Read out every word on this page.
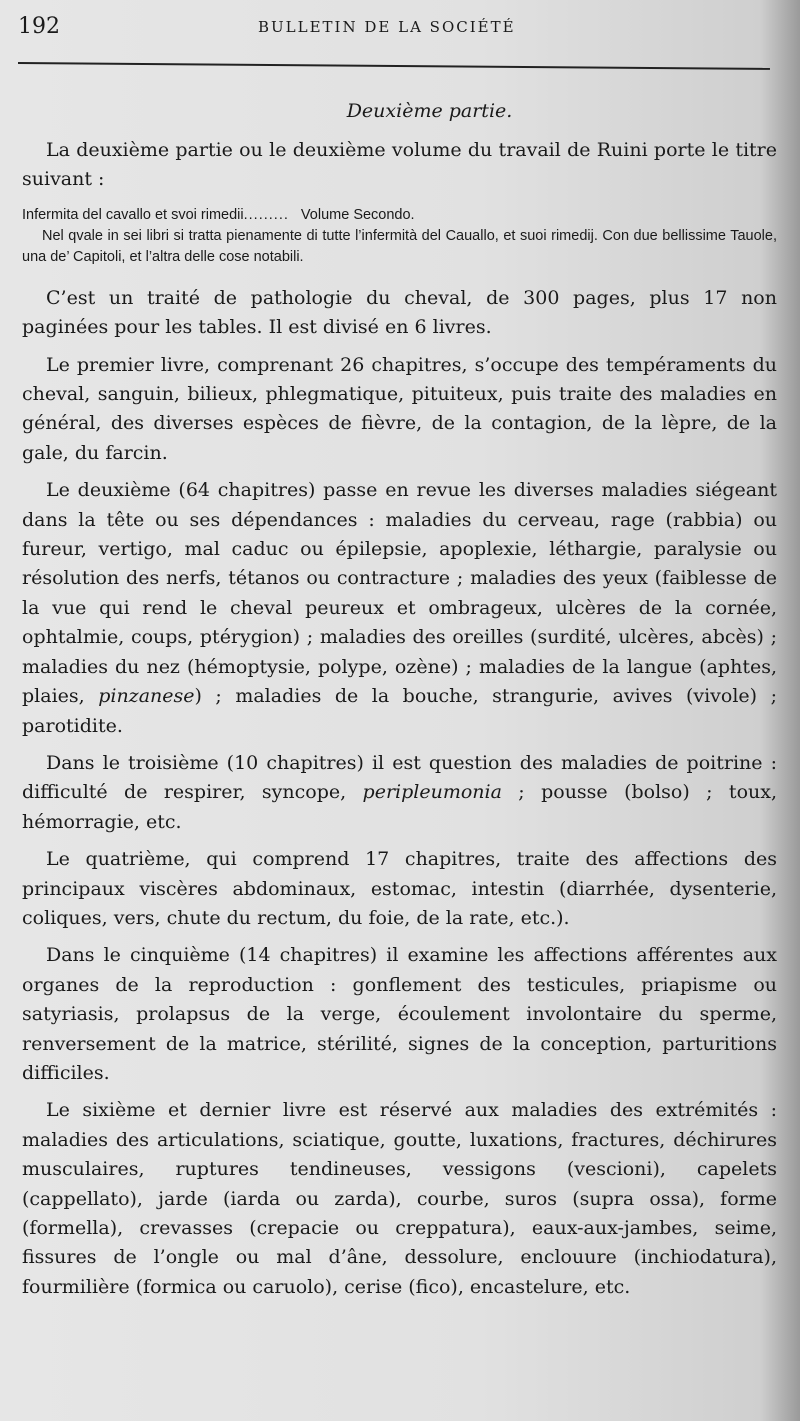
192	BULLETIN DE LA SOCIÉTÉ
Deuxième partie.

La deuxième partie ou le deuxième volume du travail de Ruini porte le titre suivant :

Infermita del cavallo et svoi rimedii......... Volume Secondo.

Nel qvale in sei libri si tratta pienamente di tutte l’infermità del Cauallo, et suoi rimedij. Con due bellissime Tauole, una de’ Capitoli, et l’altra delle cose notabili.

C’est un traité de pathologie du cheval, de 300 pages, plus 17 non paginées pour les tables. Il est divisé en 6 livres.

Le premier livre, comprenant 26 chapitres, s’occupe des tempéraments du cheval, sanguin, bilieux, phlegmatique, pituiteux, puis traite des maladies en général, des diverses espèces de fièvre, de la contagion, de la lèpre, de la gale, du farcin.

Le deuxième (64 chapitres) passe en revue les diverses maladies siégeant dans la tête ou ses dépendances : maladies du cerveau, rage (rabbia) ou fureur, vertigo, mal caduc ou épilepsie, apoplexie, léthargie, paralysie ou résolution des nerfs, tétanos ou contracture ; maladies des yeux (faiblesse de la vue qui rend le cheval peureux et ombrageux, ulcères de la cornée, ophtalmie, coups, ptérygion) ; maladies des oreilles (surdité, ulcères, abcès) ; maladies du nez (hémoptysie, polype, ozène) ; maladies de la langue (aphtes, plaies, pinzanese) ; maladies de la bouche, strangurie, avives (vivole) ; parotidite.

Dans le troisième (10 chapitres) il est question des maladies de poitrine : difficulté de respirer, syncope, peripleumonia ; pousse (bolso) ; toux, hémorragie, etc.

Le quatrième, qui comprend 17 chapitres, traite des affections des principaux viscères abdominaux, estomac, intestin (diarrhée, dysenterie, coliques, vers, chute du rectum, du foie, de la rate, etc.).

Dans le cinquième (14 chapitres) il examine les affections afférentes aux organes de la reproduction : gonflement des testicules, priapisme ou satyriasis, prolapsus de la verge, écoulement involontaire du sperme, renversement de la matrice, stérilité, signes de la conception, parturitions difficiles.

Le sixième et dernier livre est réservé aux maladies des extrémités : maladies des articulations, sciatique, goutte, luxations, fractures, déchirures musculaires, ruptures tendineuses, vessigons (vescioni), capelets (cappellato), jarde (iarda ou zarda), courbe, suros (supra ossa), forme (formella), crevasses (crepacie ou creppatura), eaux-aux-jambes, seime, fissures de l’ongle ou mal d’âne, dessolure, enclouure (inchiodatura), fourmilière (formica ou caruolo), cerise (fico), encastelure, etc.
